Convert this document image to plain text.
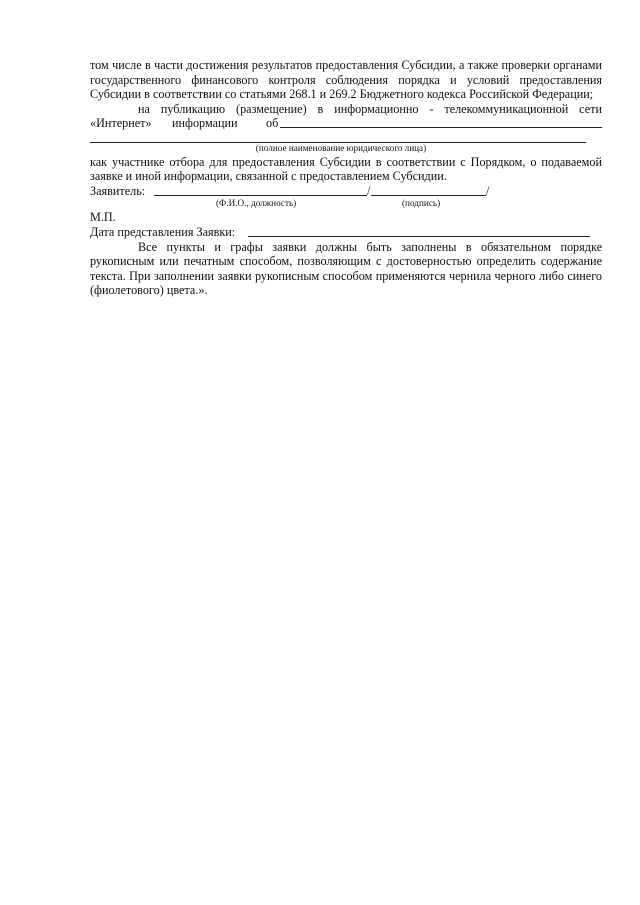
том числе в части достижения результатов предоставления Субсидии, а также проверки органами государственного финансового контроля соблюдения порядка и условий предоставления Субсидии в соответствии со статьями 268.1 и 269.2 Бюджетного кодекса Российской Федерации;

на публикацию (размещение) в информационно - телекоммуникационной сети

«Интернет» информации об
(полное наименование юридического лица)

как участнике отбора для предоставления Субсидии в соответствии с Порядком, о подаваемой заявке и иной информации, связанной с предоставлением Субсидии.

Заявитель:	/	/
(Ф.И.О., должность)	(подпись)
М.П.
Дата представления Заявки:

Все пункты и графы заявки должны быть заполнены в обязательном порядке рукописным или печатным способом, позволяющим с достоверностью определить содержание текста. При заполнении заявки рукописным способом применяются чернила черного либо синего (фиолетового) цвета.».
